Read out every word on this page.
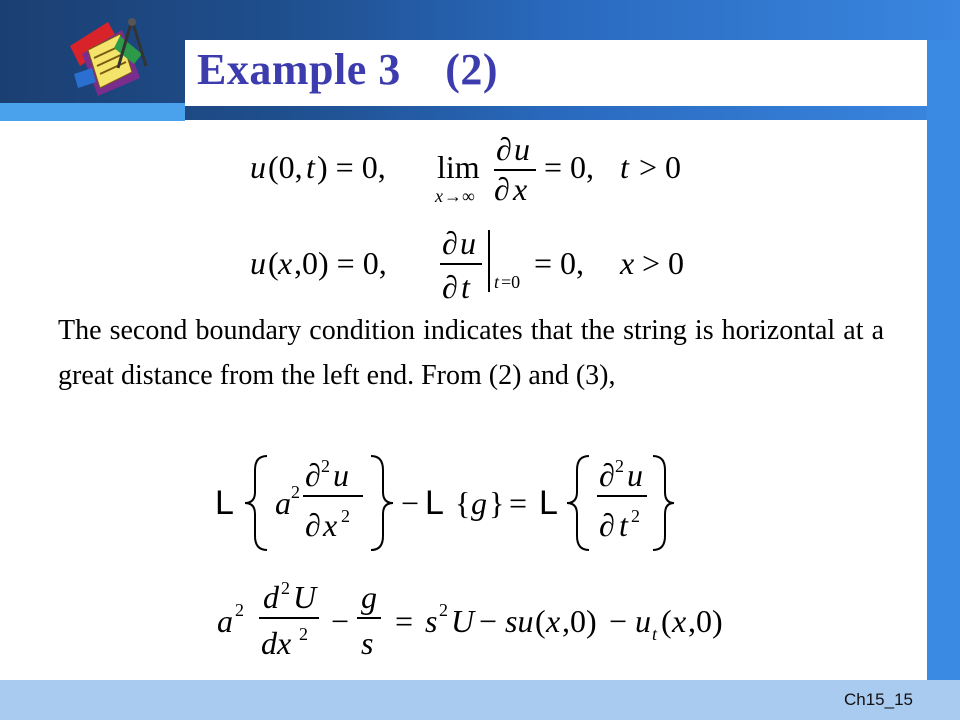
Example 3 (2)
u (0, t ) = 0, lim
x →∞
∂ u
∂ x
= 0, t > 0
u ( x ,0) = 0,
∂ u
∂ t t =0
= 0, x > 0

The second boundary condition indicates that the string is horizontal at a great distance from the left end. From (2) and (3),

L a 2 ∂ 2 u
∂ x 2 − L { g } = L
∂ 2 u
∂ t 2
a 2 d 2 U
dx 2 −
g
s
= s 2 U − su ( x ,0) − u t ( x ,0)
Ch15_15
